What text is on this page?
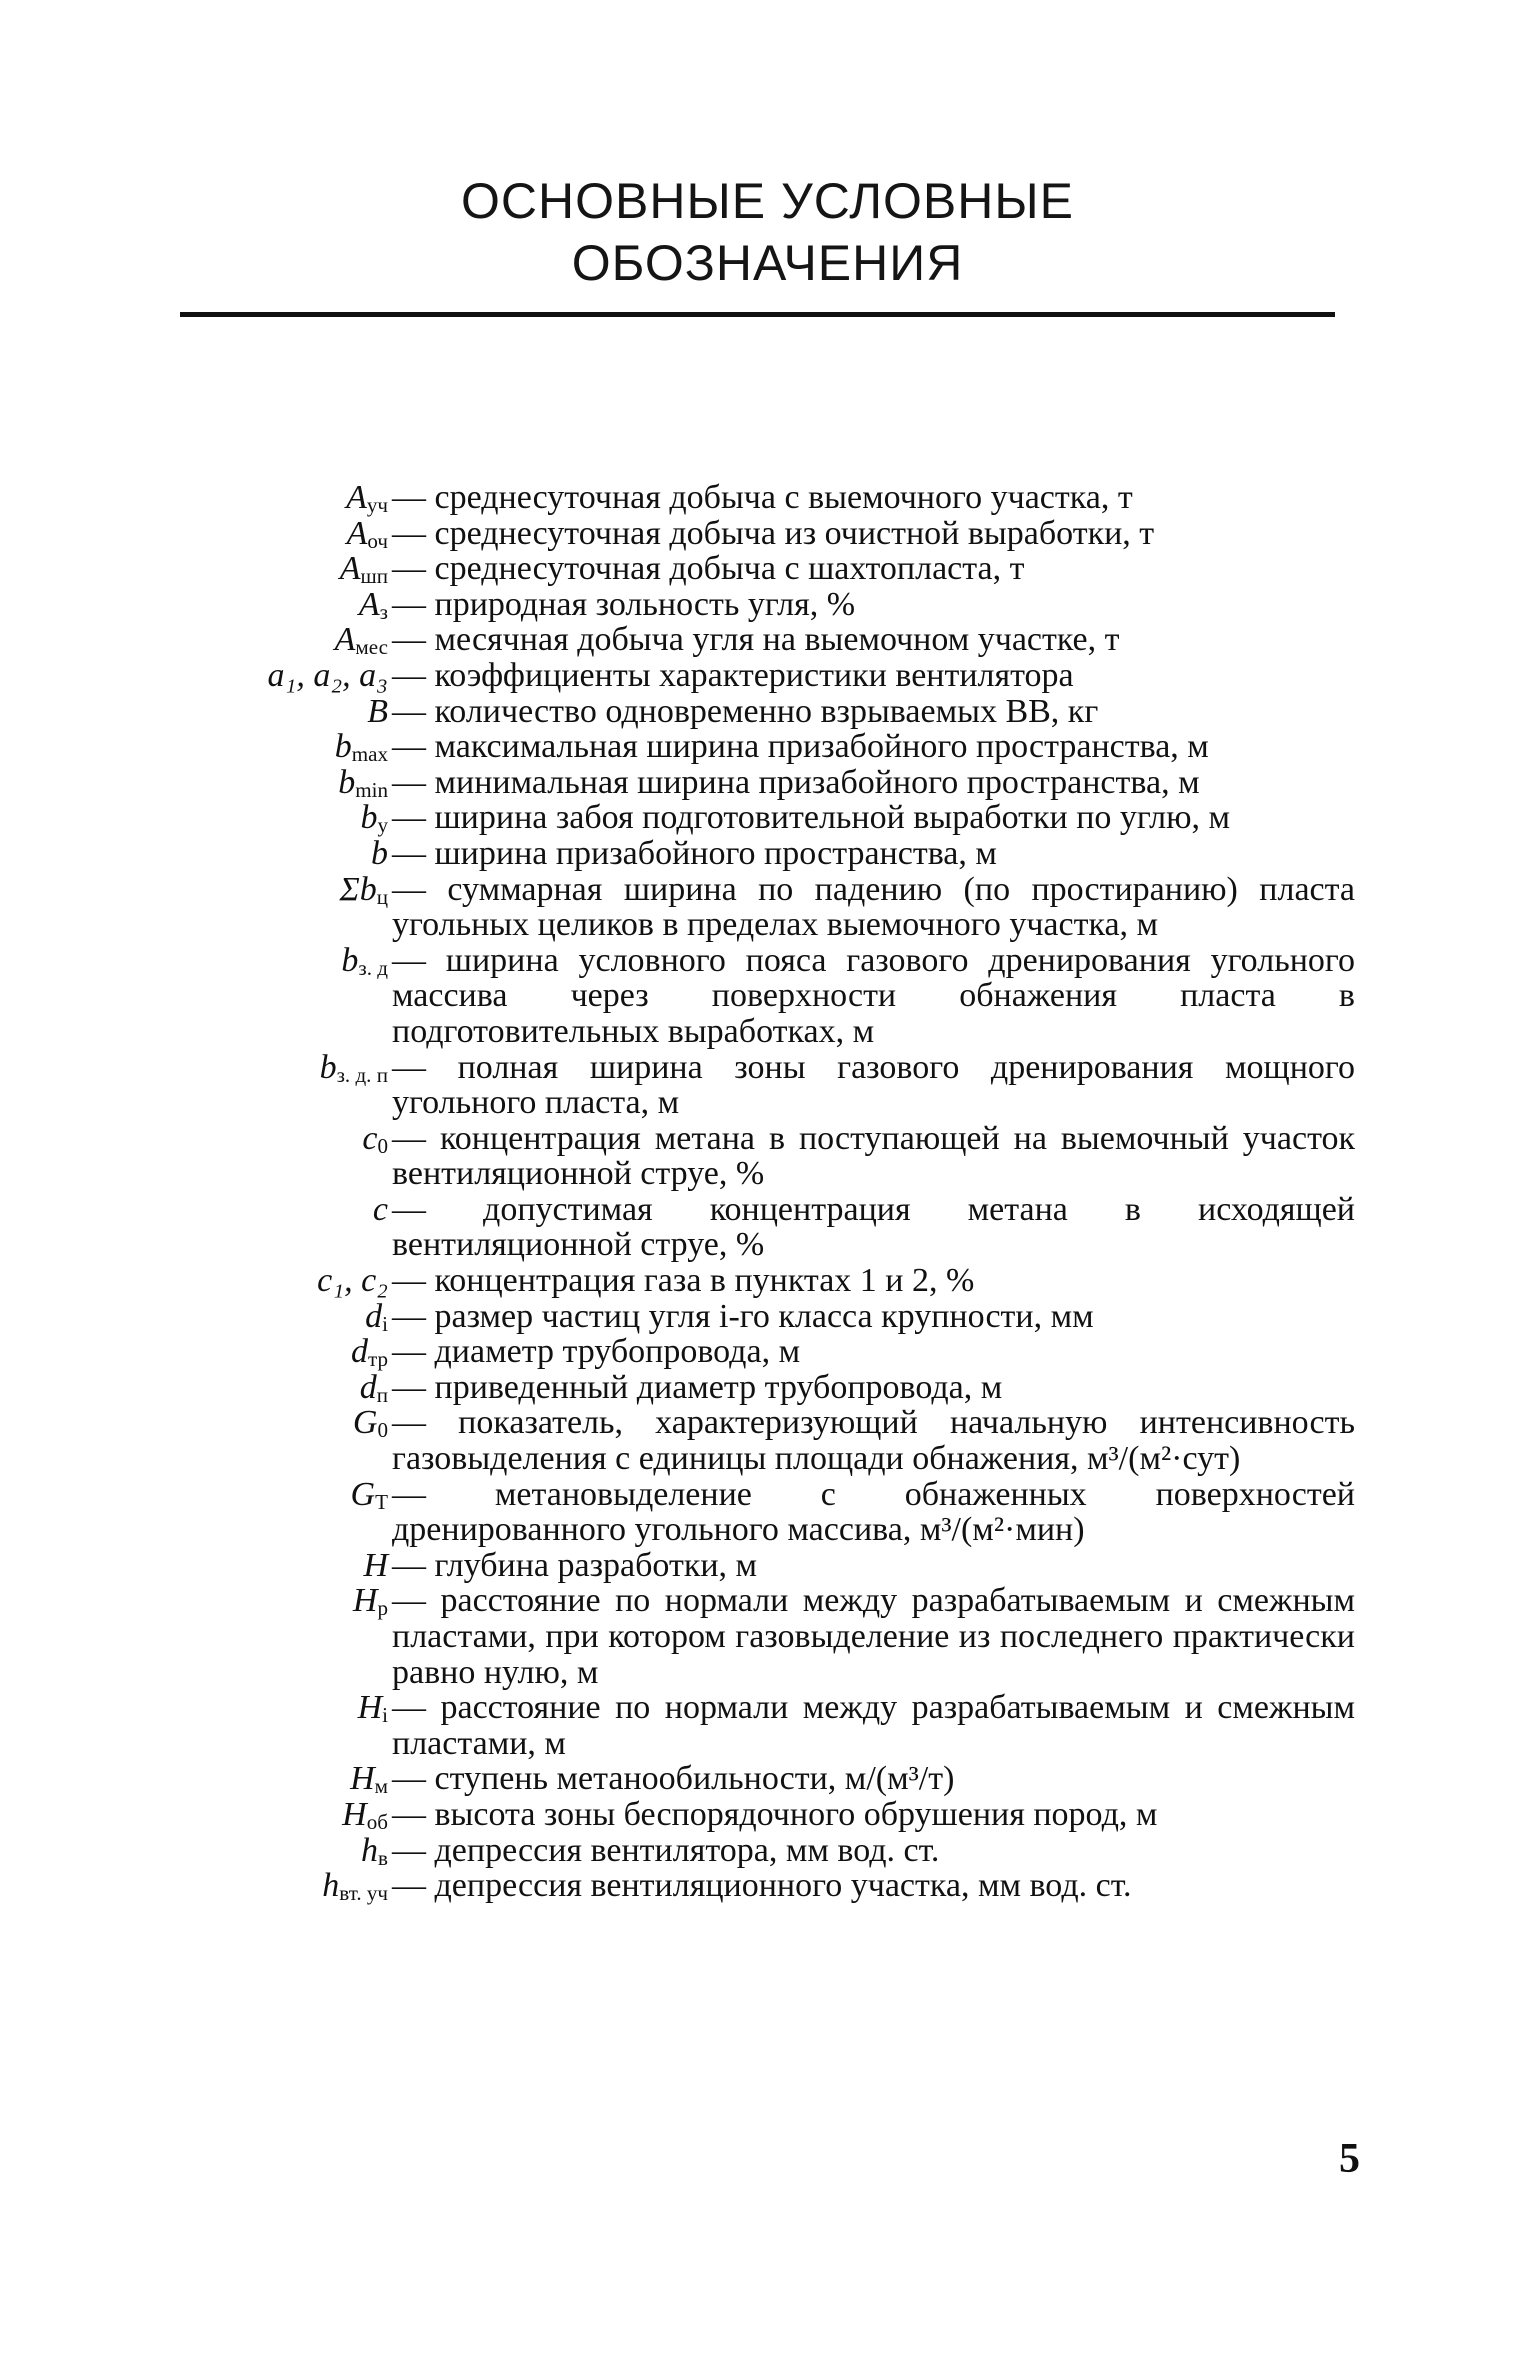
ОСНОВНЫЕ УСЛОВНЫЕ
ОБОЗНАЧЕНИЯ
$A_{уч}$ — среднесуточная добыча с выемочного участка, т
$A_{оч}$ — среднесуточная добыча из очистной выработки, т
$A_{шп}$ — среднесуточная добыча с шахтопласта, т
$A_з$ — природная зольность угля, %
$A_{мес}$ — месячная добыча угля на выемочном участке, т
a₁, a₂, a₃ — коэффициенты характеристики вентилятора
B — количество одновременно взрываемых ВВ, кг
$b_{max}$ — максимальная ширина призабойного пространства, м
$b_{min}$ — минимальная ширина призабойного пространства, м
$b_у$ — ширина забоя подготовительной выработки по углю, м
b — ширина призабойного пространства, м
$\Sigma b_ц$ — суммарная ширина по падению (по простиранию) пласта угольных целиков в пределах выемочного участка, м
$b_{з. д}$ — ширина условного пояса газового дренирования угольного массива через поверхности обнажения пласта в подготовительных выработках, м
$b_{з. д. п}$ — полная ширина зоны газового дренирования мощного угольного пласта, м
$c_0$ — концентрация метана в поступающей на выемочный участок вентиляционной струе, %
c — допустимая концентрация метана в исходящей вентиляционной струе, %
c₁, c₂ — концентрация газа в пунктах 1 и 2, %
$d_i$ — размер частиц угля i-го класса крупности, мм
$d_{тр}$ — диаметр трубопровода, м
$d_п$ — приведенный диаметр трубопровода, м
$G_0$ — показатель, характеризующий начальную интенсивность газовыделения с единицы площади обнажения, м³/(м²·сут)
$G_T$ — метановыделение с обнаженных поверхностей дренированного угольного массива, м³/(м²·мин)
H — глубина разработки, м
$H_р$ — расстояние по нормали между разрабатываемым и смежным пластами, при котором газовыделение из последнего практически равно нулю, м
$H_i$ — расстояние по нормали между разрабатываемым и смежным пластами, м
$H_м$ — ступень метанообильности, м/(м³/т)
$H_{об}$ — высота зоны беспорядочного обрушения пород, м
$h_в$ — депрессия вентилятора, мм вод. ст.
$h_{вт. уч}$ — депрессия вентиляционного участка, мм вод. ст.
5
